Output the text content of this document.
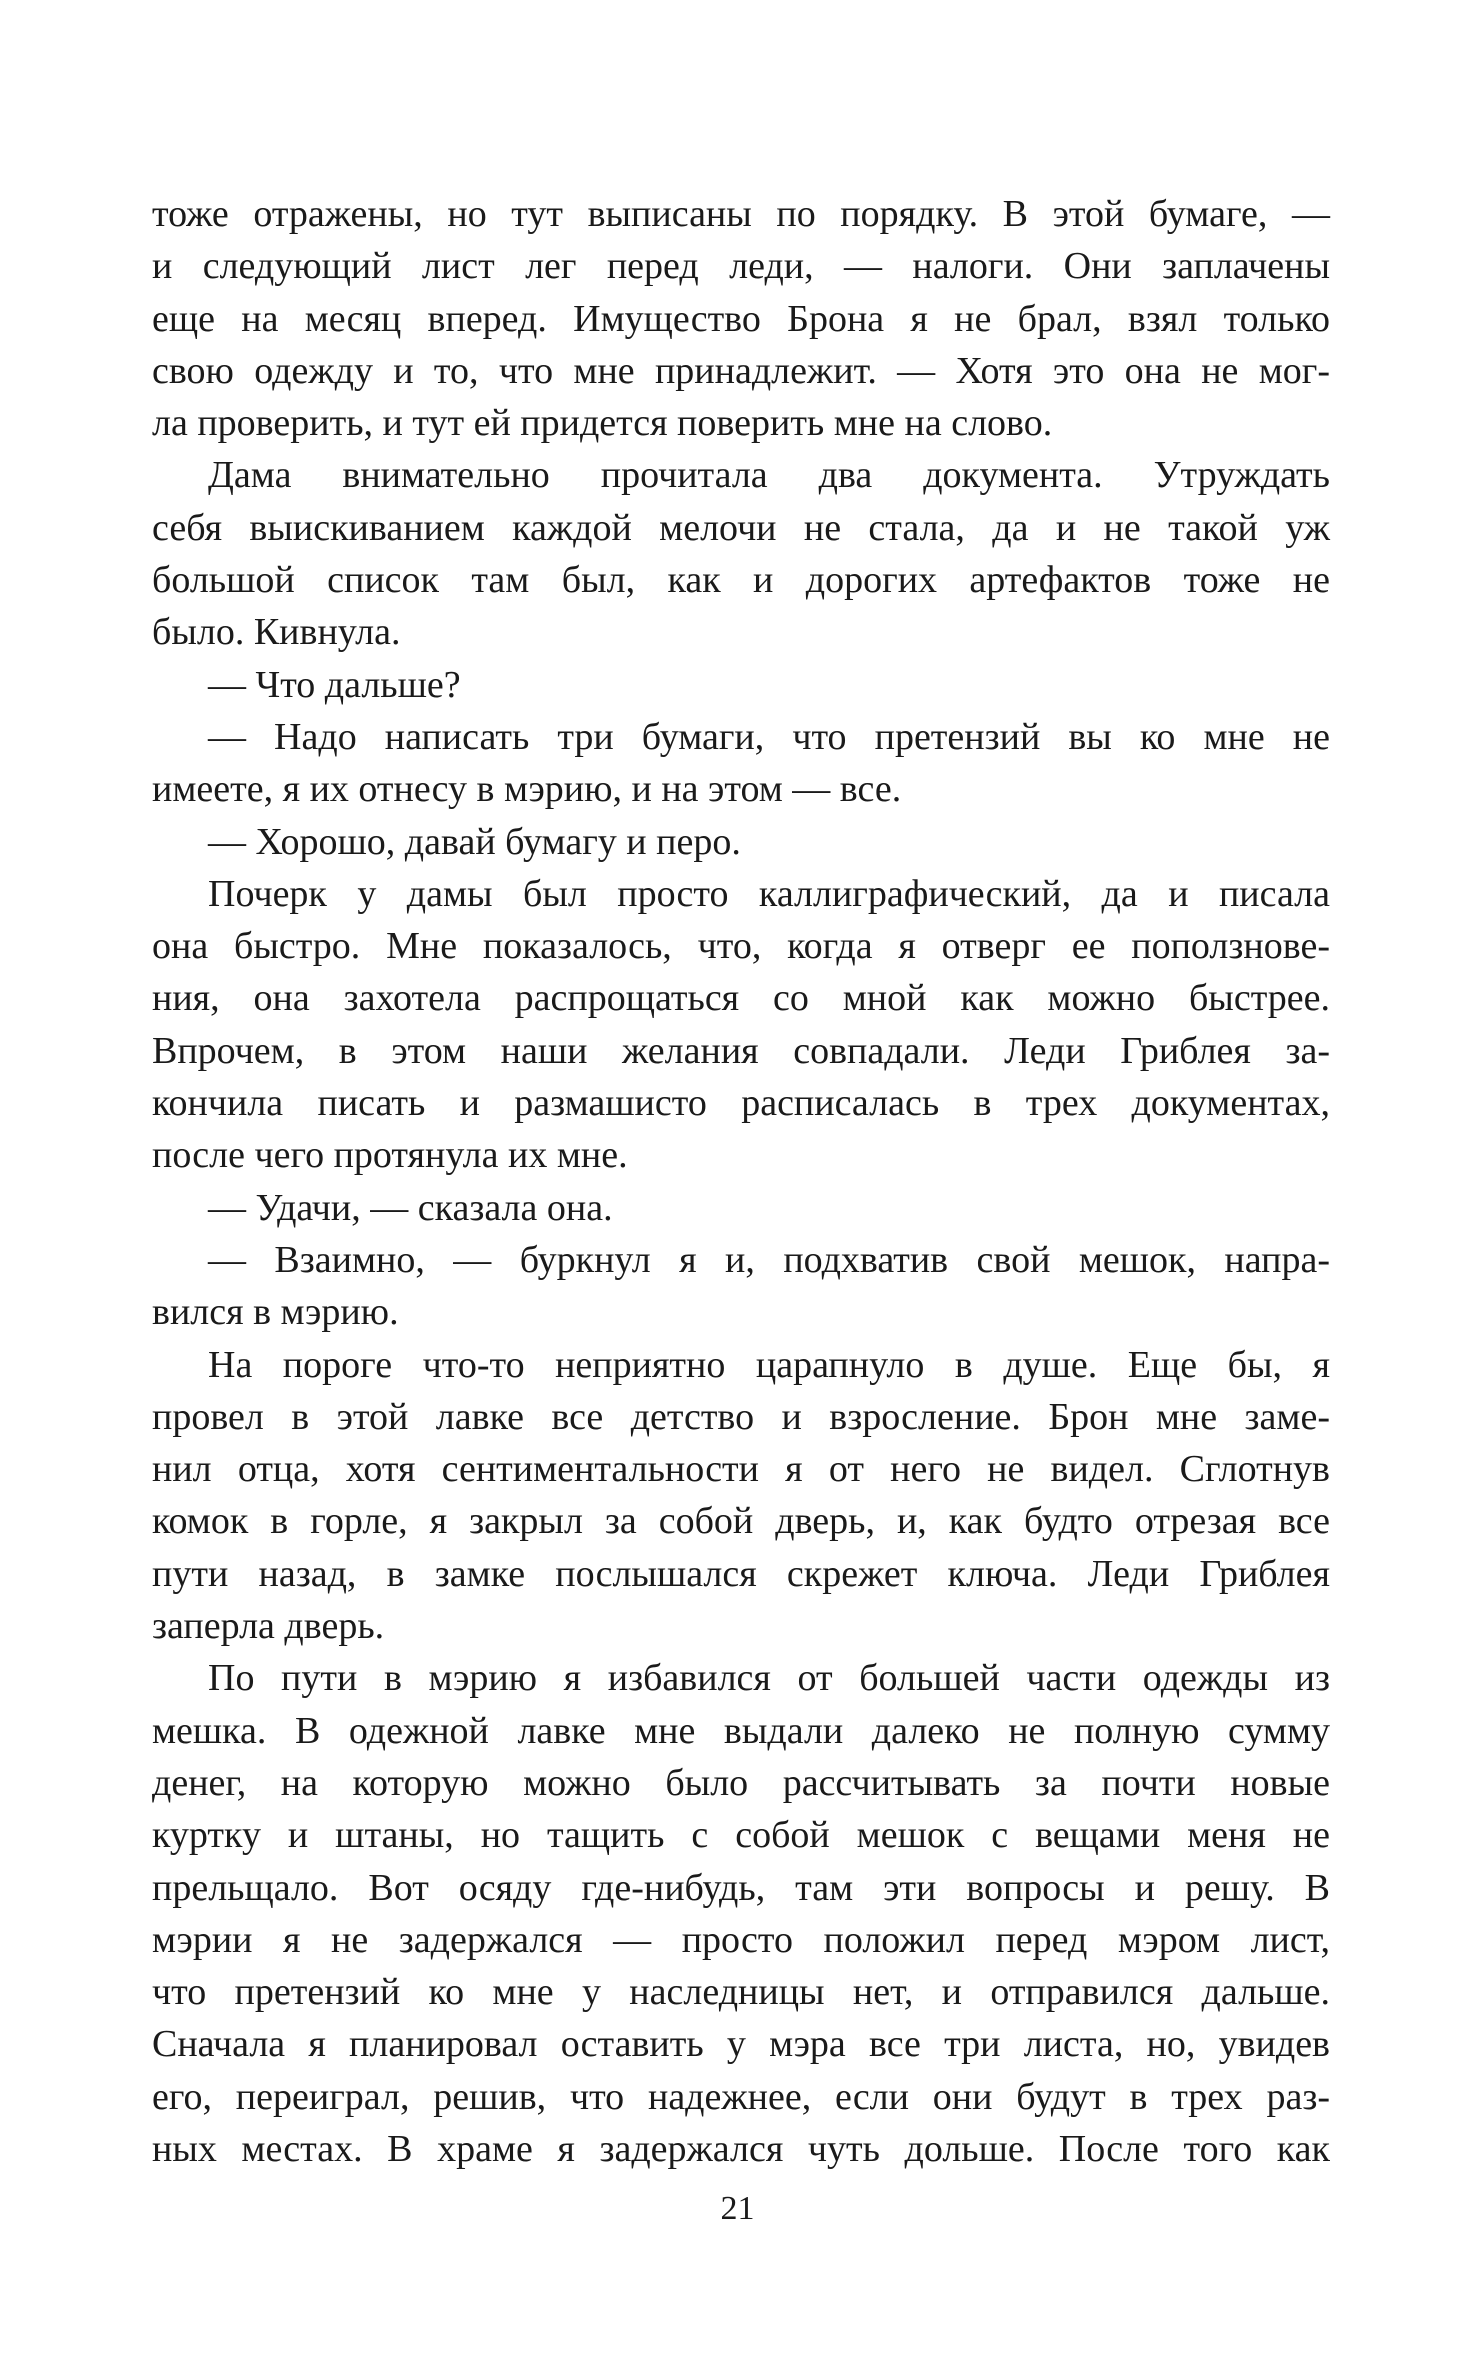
тоже отражены, но тут выписаны по порядку. В этой бумаге, —
и следующий лист лег перед леди, — налоги. Они заплачены
еще на месяц вперед. Имущество Брона я не брал, взял только
свою одежду и то, что мне принадлежит. — Хотя это она не мог-
ла проверить, и тут ей придется поверить мне на слово.
Дама внимательно прочитала два документа. Утруждать
себя выискиванием каждой мелочи не стала, да и не такой уж
большой список там был, как и дорогих артефактов тоже не
было. Кивнула.
— Что дальше?
— Надо написать три бумаги, что претензий вы ко мне не
имеете, я их отнесу в мэрию, и на этом — все.
— Хорошо, давай бумагу и перо.
Почерк у дамы был просто каллиграфический, да и писала
она быстро. Мне показалось, что, когда я отверг ее поползнове-
ния, она захотела распрощаться со мной как можно быстрее.
Впрочем, в этом наши желания совпадали. Леди Гриблея за-
кончила писать и размашисто расписалась в трех документах,
после чего протянула их мне.
— Удачи, — сказала она.
— Взаимно, — буркнул я и, подхватив свой мешок, напра-
вился в мэрию.
На пороге что-то неприятно царапнуло в душе. Еще бы, я
провел в этой лавке все детство и взросление. Брон мне заме-
нил отца, хотя сентиментальности я от него не видел. Сглотнув
комок в горле, я закрыл за собой дверь, и, как будто отрезая все
пути назад, в замке послышался скрежет ключа. Леди Гриблея
заперла дверь.
По пути в мэрию я избавился от большей части одежды из
мешка. В одежной лавке мне выдали далеко не полную сумму
денег, на которую можно было рассчитывать за почти новые
куртку и штаны, но тащить с собой мешок с вещами меня не
прельщало. Вот осяду где-нибудь, там эти вопросы и решу. В
мэрии я не задержался — просто положил перед мэром лист,
что претензий ко мне у наследницы нет, и отправился дальше.
Сначала я планировал оставить у мэра все три листа, но, увидев
его, переиграл, решив, что надежнее, если они будут в трех раз-
ных местах. В храме я задержался чуть дольше. После того как
21
